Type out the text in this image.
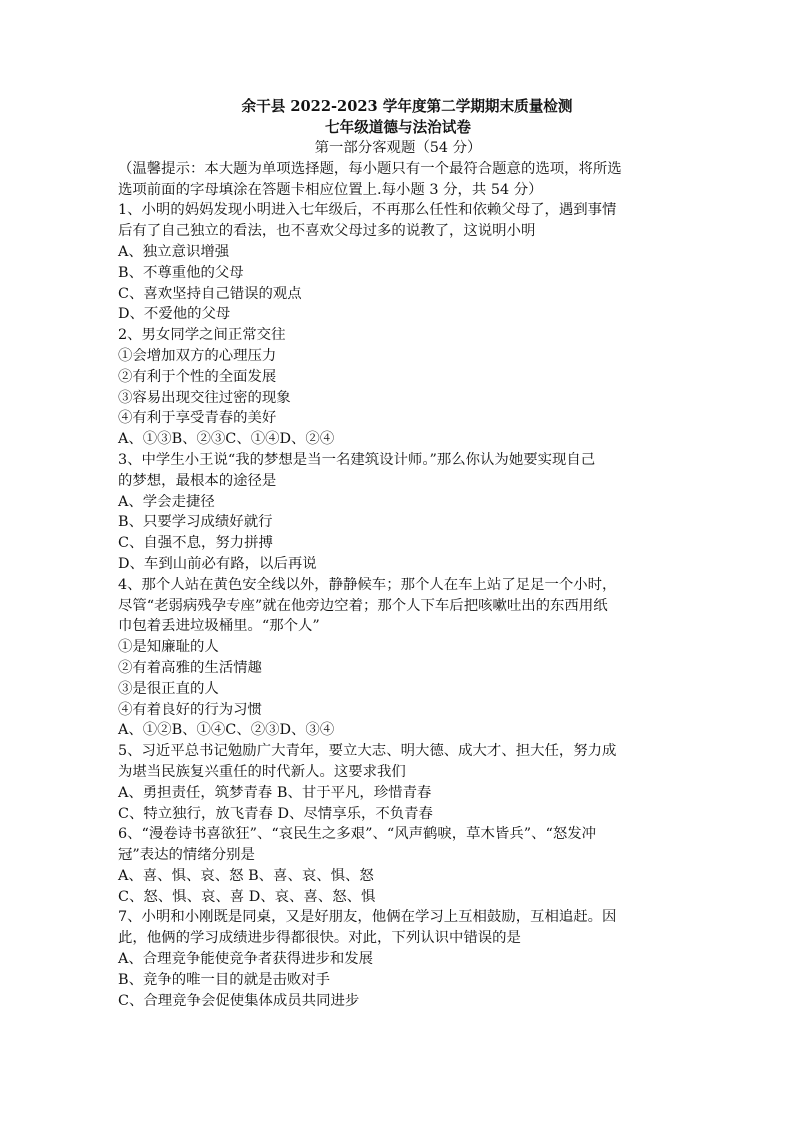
余干县 2022-2023 学年度第二学期期末质量检测
七年级道德与法治试卷
第一部分客观题（54 分）
（温馨提示：本大题为单项选择题，每小题只有一个最符合题意的选项，将所选
选项前面的字母填涂在答题卡相应位置上.每小题 3 分，共 54 分）
1、小明的妈妈发现小明进入七年级后，不再那么任性和依赖父母了，遇到事情
后有了自己独立的看法，也不喜欢父母过多的说教了，这说明小明
A、独立意识增强
B、不尊重他的父母
C、喜欢坚持自己错误的观点
D、不爱他的父母
2、男女同学之间正常交往
①会增加双方的心理压力
②有利于个性的全面发展
③容易出现交往过密的现象
④有利于享受青春的美好
A、①③B、②③C、①④D、②④
3、中学生小王说“我的梦想是当一名建筑设计师。”那么你认为她要实现自己
的梦想，最根本的途径是
A、学会走捷径
B、只要学习成绩好就行
C、自强不息，努力拼搏
D、车到山前必有路，以后再说
4、那个人站在黄色安全线以外，静静候车；那个人在车上站了足足一个小时，
尽管“老弱病残孕专座”就在他旁边空着；那个人下车后把咳嗽吐出的东西用纸
巾包着丢进垃圾桶里。“那个人”
①是知廉耻的人
②有着高雅的生活情趣
③是很正直的人
④有着良好的行为习惯
A、①②B、①④C、②③D、③④
5、习近平总书记勉励广大青年，要立大志、明大德、成大才、担大任，努力成
为堪当民族复兴重任的时代新人。这要求我们
A、勇担责任，筑梦青春 B、甘于平凡，珍惜青春
C、特立独行，放飞青春 D、尽情享乐，不负青春
6、“漫卷诗书喜欲狂”、“哀民生之多艰”、“风声鹤唳，草木皆兵”、“怒发冲
冠”表达的情绪分别是
A、喜、惧、哀、怒 B、喜、哀、惧、怒
C、怒、惧、哀、喜 D、哀、喜、怒、惧
7、小明和小刚既是同桌，又是好朋友，他俩在学习上互相鼓励，互相追赶。因
此，他俩的学习成绩进步得都很快。对此，下列认识中错误的是
A、合理竞争能使竞争者获得进步和发展
B、竞争的唯一目的就是击败对手
C、合理竞争会促使集体成员共同进步
